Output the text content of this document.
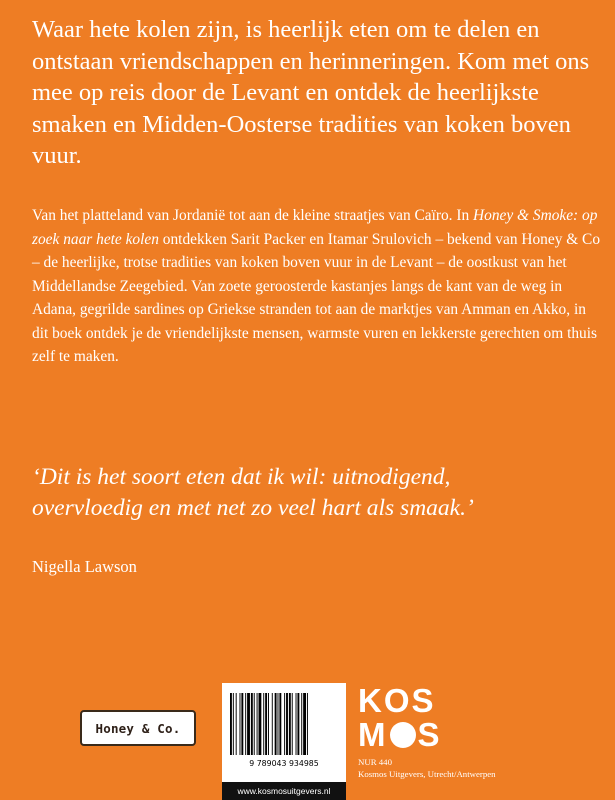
Waar hete kolen zijn, is heerlijk eten om te delen en ontstaan vriendschappen en herinneringen. Kom met ons mee op reis door de Levant en ontdek de heerlijkste smaken en Midden-Oosterse tradities van koken boven vuur.

Van het platteland van Jordanië tot aan de kleine straatjes van Caïro. In Honey & Smoke: op zoek naar hete kolen ontdekken Sarit Packer en Itamar Srulovich – bekend van Honey & Co – de heerlijke, trotse tradities van koken boven vuur in de Levant – de oostkust van het Middellandse Zeegebied. Van zoete geroosterde kastanjes langs de kant van de weg in Adana, gegrilde sardines op Griekse stranden tot aan de marktjes van Amman en Akko, in dit boek ontdek je de vriendelijkste mensen, warmste vuren en lekkerste gerechten om thuis zelf te maken.

‘Dit is het soort eten dat ik wil: uitnodigend, overvloedig en met net zo veel hart als smaak.’

Nigella Lawson

Honey & Co.
9 789043 934985
www.kosmosuitgevers.nl
KOS
M S

NUR 440

Kosmos Uitgevers, Utrecht/Antwerpen
